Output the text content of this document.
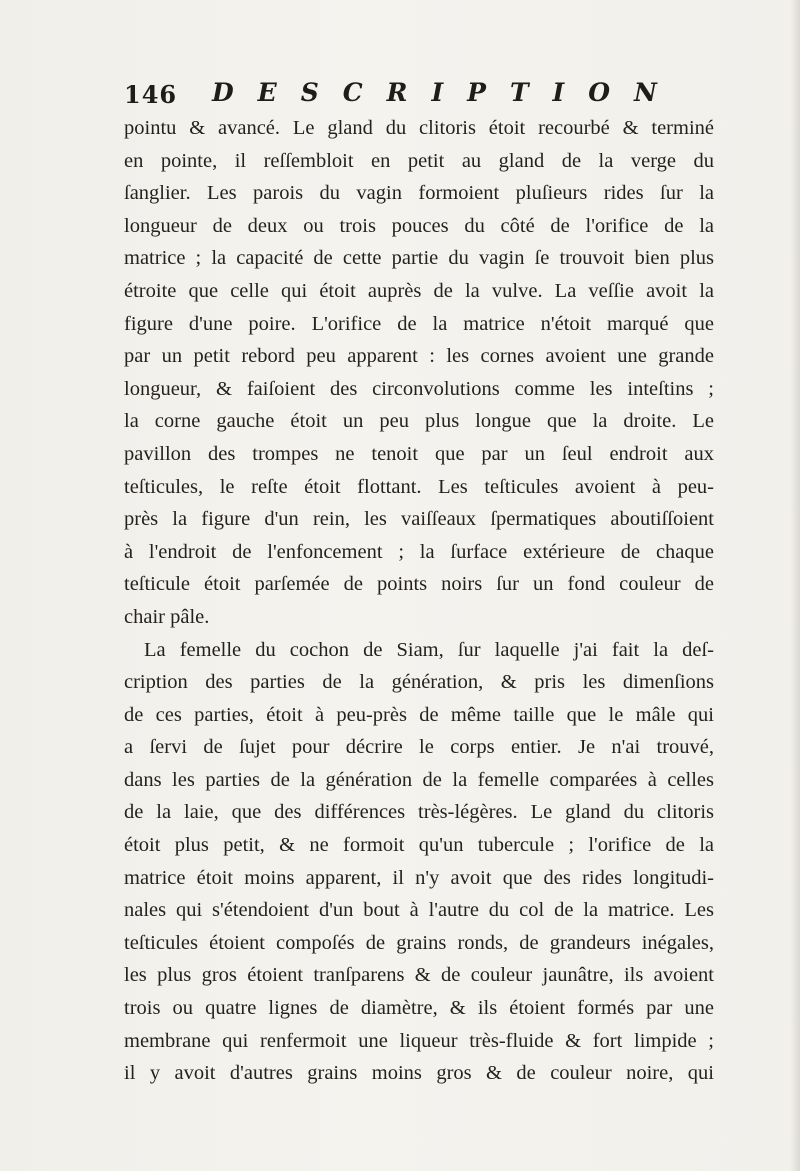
146 DESCRIPTION
pointu & avancé. Le gland du clitoris étoit recourbé & terminé
en pointe, il reſſembloit en petit au gland de la verge du
ſanglier. Les parois du vagin formoient pluſieurs rides ſur la
longueur de deux ou trois pouces du côté de l'orifice de la
matrice ; la capacité de cette partie du vagin ſe trouvoit bien plus
étroite que celle qui étoit auprès de la vulve. La veſſie avoit la
figure d'une poire. L'orifice de la matrice n'étoit marqué que
par un petit rebord peu apparent : les cornes avoient une grande
longueur, & faiſoient des circonvolutions comme les inteſtins ;
la corne gauche étoit un peu plus longue que la droite. Le
pavillon des trompes ne tenoit que par un ſeul endroit aux
teſticules, le reſte étoit flottant. Les teſticules avoient à peu-
près la figure d'un rein, les vaiſſeaux ſpermatiques aboutiſſoient
à l'endroit de l'enfoncement ; la ſurface extérieure de chaque
teſticule étoit parſemée de points noirs ſur un fond couleur de
chair pâle.
La femelle du cochon de Siam, ſur laquelle j'ai fait la deſ-
cription des parties de la génération, & pris les dimenſions
de ces parties, étoit à peu-près de même taille que le mâle qui
a ſervi de ſujet pour décrire le corps entier. Je n'ai trouvé,
dans les parties de la génération de la femelle comparées à celles
de la laie, que des différences très-légères. Le gland du clitoris
étoit plus petit, & ne formoit qu'un tubercule ; l'orifice de la
matrice étoit moins apparent, il n'y avoit que des rides longitudi-
nales qui s'étendoient d'un bout à l'autre du col de la matrice. Les
teſticules étoient compoſés de grains ronds, de grandeurs inégales,
les plus gros étoient tranſparens & de couleur jaunâtre, ils avoient
trois ou quatre lignes de diamètre, & ils étoient formés par une
membrane qui renfermoit une liqueur très-fluide & fort limpide ;
il y avoit d'autres grains moins gros & de couleur noire, qui
